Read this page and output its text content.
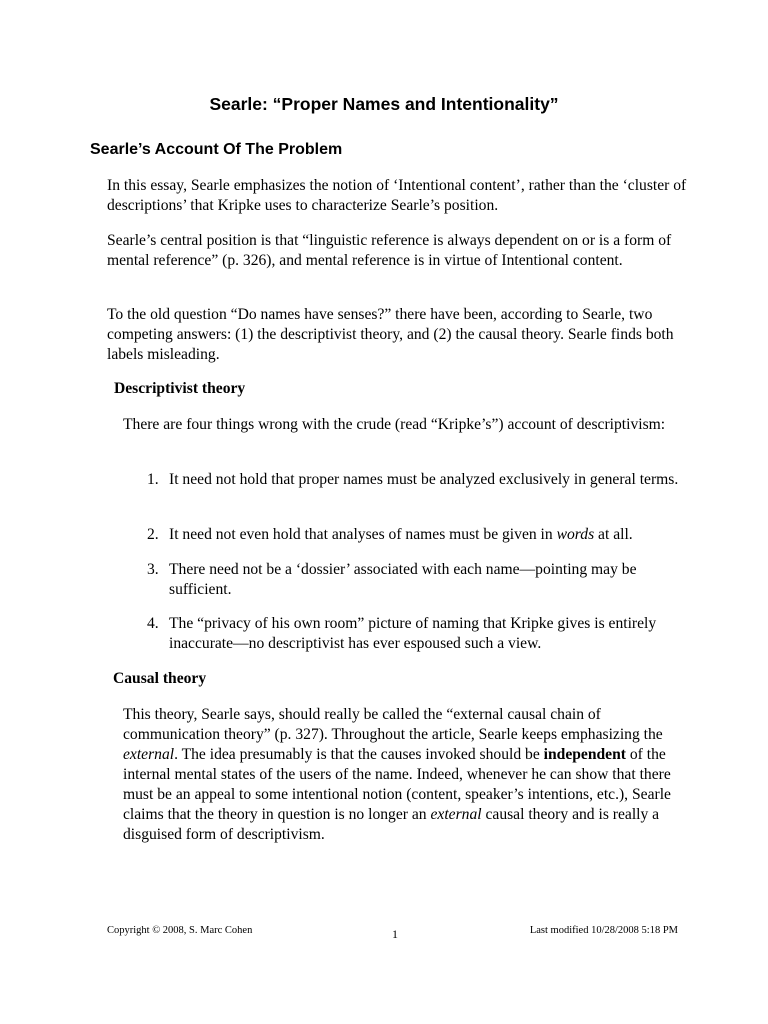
Searle: “Proper Names and Intentionality”
Searle’s Account Of The Problem

In this essay, Searle emphasizes the notion of ‘Intentional content’, rather than the ‘cluster of descriptions’ that Kripke uses to characterize Searle’s position.

Searle’s central position is that “linguistic reference is always dependent on or is a form of mental reference” (p. 326), and mental reference is in virtue of Intentional content.

To the old question “Do names have senses?” there have been, according to Searle, two competing answers: (1) the descriptivist theory, and (2) the causal theory. Searle finds both labels misleading.

Descriptivist theory

There are four things wrong with the crude (read “Kripke’s”) account of descriptivism:

1. It need not hold that proper names must be analyzed exclusively in general terms.
2. It need not even hold that analyses of names must be given in words at all.
3. There need not be a ‘dossier’ associated with each name—pointing may be sufficient.
4. The “privacy of his own room” picture of naming that Kripke gives is entirely inaccurate—no descriptivist has ever espoused such a view.
Causal theory

This theory, Searle says, should really be called the “external causal chain of communication theory” (p. 327). Throughout the article, Searle keeps emphasizing the external. The idea presumably is that the causes invoked should be independent of the internal mental states of the users of the name. Indeed, whenever he can show that there must be an appeal to some intentional notion (content, speaker’s intentions, etc.), Searle claims that the theory in question is no longer an external causal theory and is really a disguised form of descriptivism.

Copyright © 2008, S. Marc Cohen	1	Last modified 10/28/2008 5:18 PM
